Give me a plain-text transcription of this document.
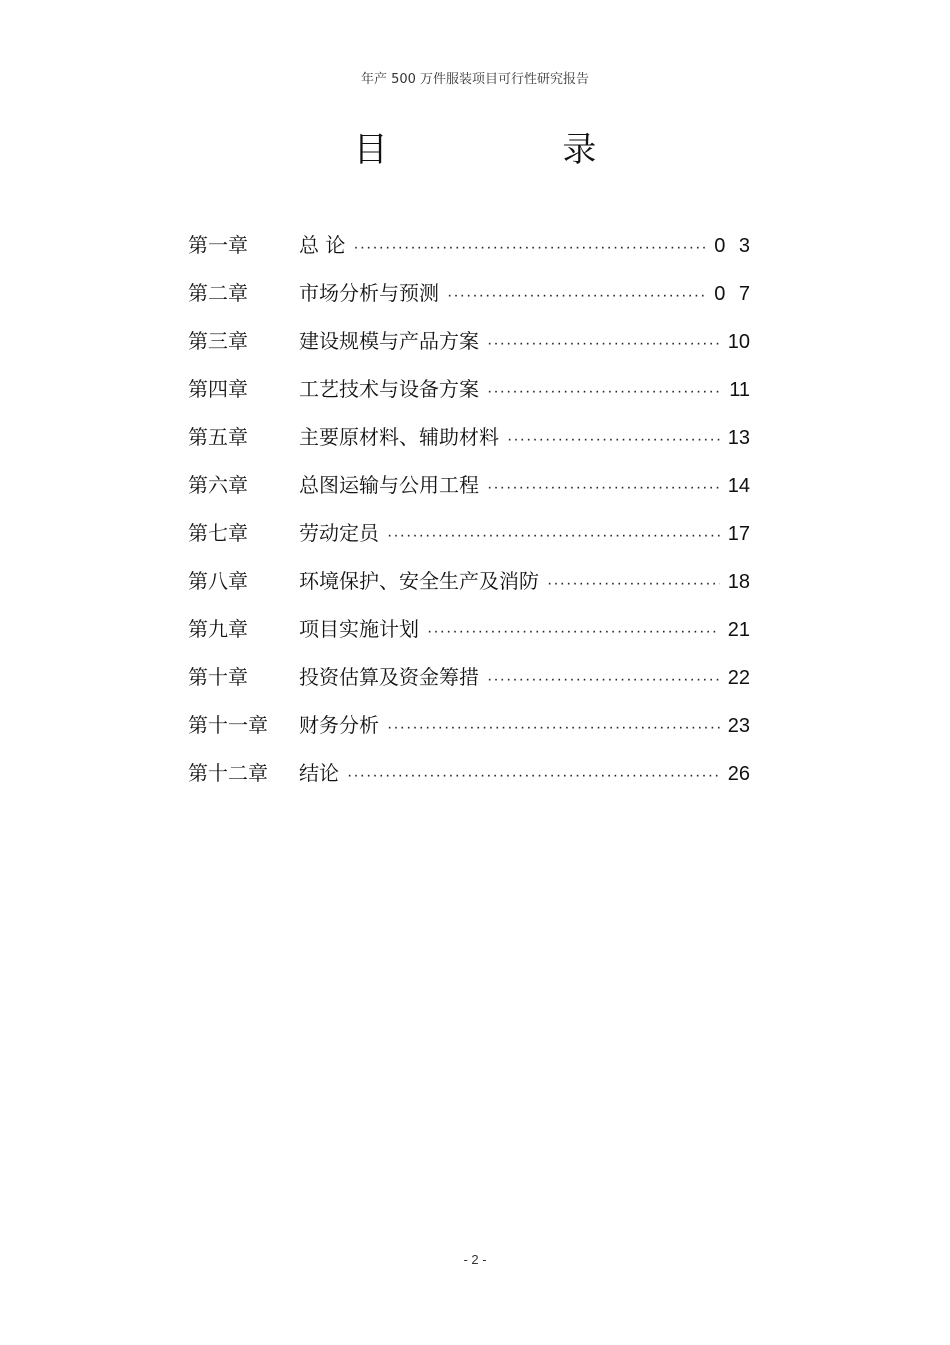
年产 500 万件服装项目可行性研究报告
目 录
第一章	总 论 ·····	0 3
第二章	市场分析与预测 ·····	0 7
第三章	建设规模与产品方案 ·····	10
第四章	工艺技术与设备方案 ·····	11
第五章	主要原材料、辅助材料 ·····	13
第六章	总图运输与公用工程 ·····	14
第七章	劳动定员 ·····	17
第八章	环境保护、安全生产及消防 ·····	18
第九章	项目实施计划 ·····	21
第十章	投资估算及资金筹措 ·····	22
第十一章 财务分析 ·····	23
第十二章 结论 ·····	26
- 2 -
